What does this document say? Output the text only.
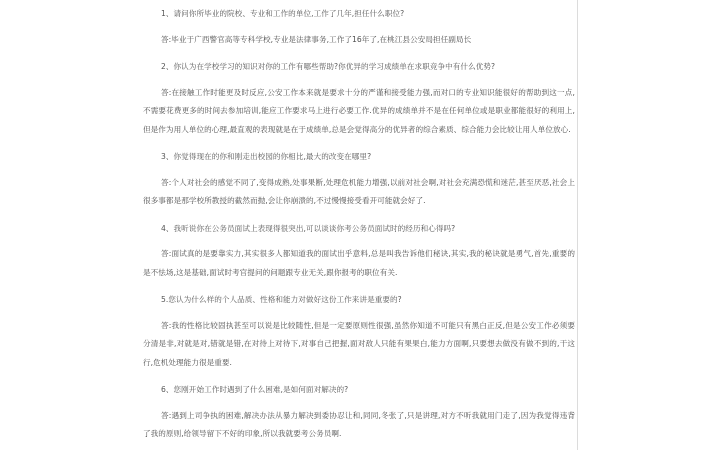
1、请问你所毕业的院校、专业和工作的单位,工作了几年,担任什么职位?

答:毕业于广西警官高等专科学校,专业是法律事务,工作了16年了,在桃江县公安局担任副局长

2、你认为在学校学习的知识对你的工作有哪些帮助?你优异的学习成绩单在求职竞争中有什么优势?

答:在接触工作时能更及时反应,公安工作本来就是要求十分的严谨和接受能力强,而对口的专业知识能很好的帮助到这一点,不需要花费更多的时间去参加培训,能应工作要求马上进行必要工作.优异的成绩单并不是在任何单位或是职业都能很好的利用上,但是作为用人单位的心理,最直观的表现就是在于成绩单,总是会觉得高分的优异者的综合素质、综合能力会比较让用人单位放心.

3、你觉得现在的你和刚走出校园的你相比,最大的改变在哪里?

答:个人对社会的感觉不同了,变得成熟,处事果断,处理危机能力增强,以前对社会啊,对社会充满恐慌和迷茫,甚至厌恶,社会上很多事都是那学校所教授的截然而抛,会让你崩溃的,不过慢慢接受看开可能就会好了.

4、我听说你在公务员面试上表现得很突出,可以谈谈你考公务员面试时的经历和心得吗?

答:面试真的是要靠实力,其实很多人都知道我的面试出乎意料,总是叫我告诉他们秘诀,其实,我的秘诀就是勇气,首先,重要的是不怯场,这是基础,面试时考官提问的问题跟专业无关,跟你报考的职位有关.

5.您认为什么样的个人品质、性格和能力对做好这份工作来讲是重要的?

答:我的性格比较固执甚至可以说是比较随性,但是一定要原则性很强,虽然你知道不可能只有黑白正反,但是公安工作必须要分清是非,对就是对,错就是错,在对待上对待下,对事自己把握,面对敌人只能有果果白,能力方面啊,只要想去做没有做不到的,干这行,危机处理能力很是重要.

6、您刚开始工作时遇到了什么困难,是如何面对解决的?

答:遇到上司争执的困难,解决办法从暴力解决到委协忍让和,同同,冬张了,只是讲理,对方不听我就用门走了,因为我觉得违背了我的原则,给领导留下不好的印象,所以我就要考公务员啊.
